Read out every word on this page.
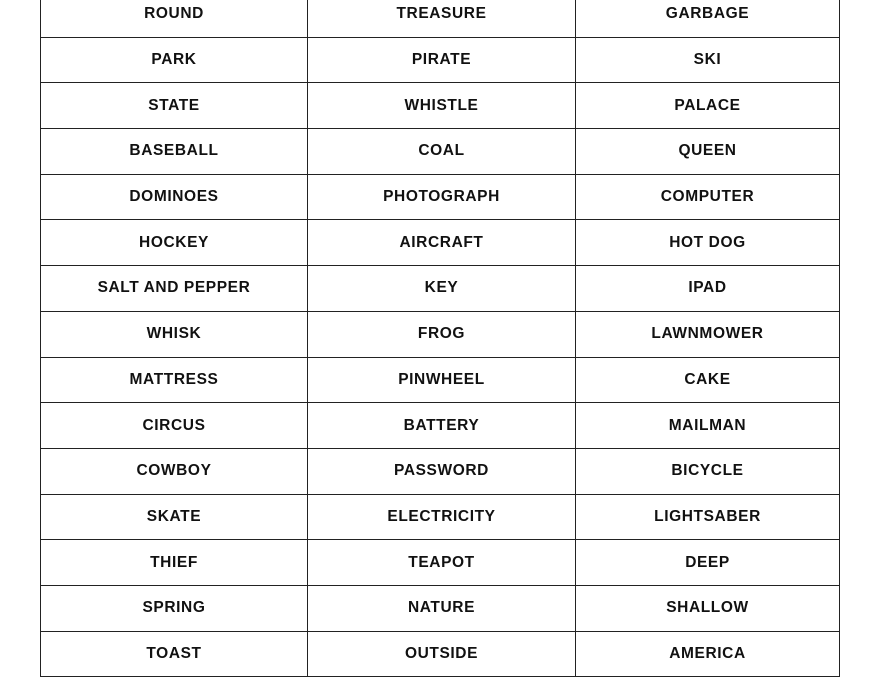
ROUND	TREASURE	GARBAGE
PARK	PIRATE	SKI
STATE	WHISTLE	PALACE
BASEBALL	COAL	QUEEN
DOMINOES	PHOTOGRAPH	COMPUTER
HOCKEY	AIRCRAFT	HOT DOG
SALT AND PEPPER	KEY	IPAD
WHISK	FROG	LAWNMOWER
MATTRESS	PINWHEEL	CAKE
CIRCUS	BATTERY	MAILMAN
COWBOY	PASSWORD	BICYCLE
SKATE	ELECTRICITY	LIGHTSABER
THIEF	TEAPOT	DEEP
SPRING	NATURE	SHALLOW
TOAST	OUTSIDE	AMERICA
